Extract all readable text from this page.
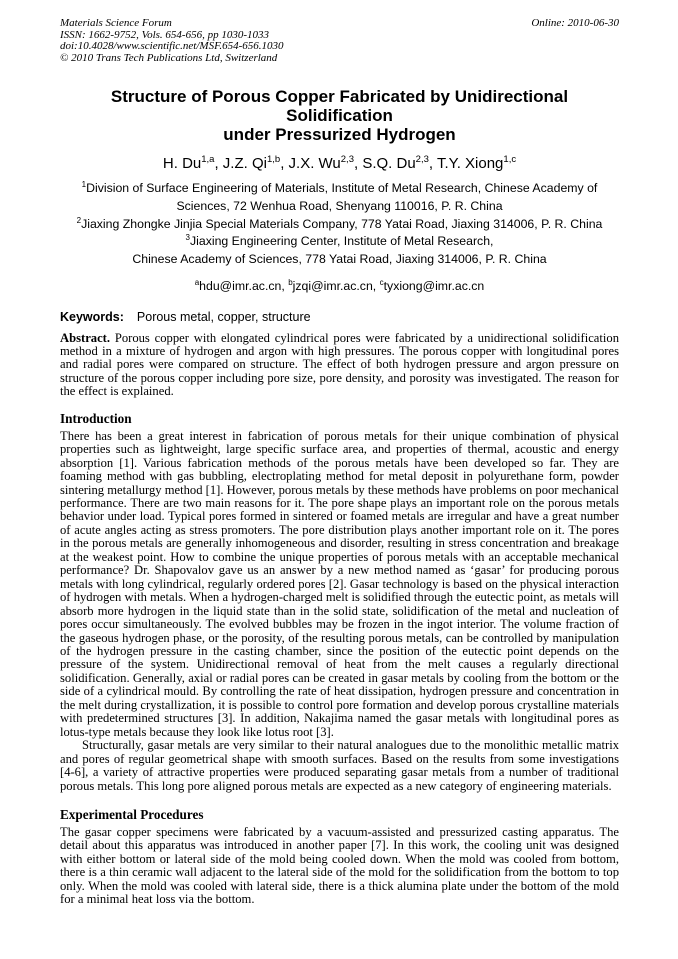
Materials Science Forum
ISSN: 1662-9752, Vols. 654-656, pp 1030-1033
doi:10.4028/www.scientific.net/MSF.654-656.1030
© 2010 Trans Tech Publications Ltd, Switzerland
Online: 2010-06-30
Structure of Porous Copper Fabricated by Unidirectional Solidification
under Pressurized Hydrogen
H. Du$^{1,a}$, J.Z. Qi$^{1,b}$, J.X. Wu$^{2,3}$, S.Q. Du$^{2,3}$, T.Y. Xiong$^{1,c}$
$^1$Division of Surface Engineering of Materials, Institute of Metal Research, Chinese Academy of
Sciences, 72 Wenhua Road, Shenyang 110016, P. R. China
$^2$Jiaxing Zhongke Jinjia Special Materials Company, 778 Yatai Road, Jiaxing 314006, P. R. China
$^3$Jiaxing Engineering Center, Institute of Metal Research,
Chinese Academy of Sciences, 778 Yatai Road, Jiaxing 314006, P. R. China
$^a$hdu@imr.ac.cn, $^b$jzqi@imr.ac.cn, $^c$tyxiong@imr.ac.cn
Keywords: Porous metal, copper, structure

Abstract. Porous copper with elongated cylindrical pores were fabricated by a unidirectional solidification method in a mixture of hydrogen and argon with high pressures. The porous copper with longitudinal pores and radial pores were compared on structure. The effect of both hydrogen pressure and argon pressure on structure of the porous copper including pore size, pore density, and porosity was investigated. The reason for the effect is explained.

Introduction

There has been a great interest in fabrication of porous metals for their unique combination of physical properties such as lightweight, large specific surface area, and properties of thermal, acoustic and energy absorption [1]. Various fabrication methods of the porous metals have been developed so far. They are foaming method with gas bubbling, electroplating method for metal deposit in polyurethane form, powder sintering metallurgy method [1]. However, porous metals by these methods have problems on poor mechanical performance. There are two main reasons for it. The pore shape plays an important role on the porous metals behavior under load. Typical pores formed in sintered or foamed metals are irregular and have a great number of acute angles acting as stress promoters. The pore distribution plays another important role on it. The pores in the porous metals are generally inhomogeneous and disorder, resulting in stress concentration and breakage at the weakest point. How to combine the unique properties of porous metals with an acceptable mechanical performance? Dr. Shapovalov gave us an answer by a new method named as ‘gasar’ for producing porous metals with long cylindrical, regularly ordered pores [2]. Gasar technology is based on the physical interaction of hydrogen with metals. When a hydrogen-charged melt is solidified through the eutectic point, as metals will absorb more hydrogen in the liquid state than in the solid state, solidification of the metal and nucleation of pores occur simultaneously. The evolved bubbles may be frozen in the ingot interior. The volume fraction of the gaseous hydrogen phase, or the porosity, of the resulting porous metals, can be controlled by manipulation of the hydrogen pressure in the casting chamber, since the position of the eutectic point depends on the pressure of the system. Unidirectional removal of heat from the melt causes a regularly directional solidification. Generally, axial or radial pores can be created in gasar metals by cooling from the bottom or the side of a cylindrical mould. By controlling the rate of heat dissipation, hydrogen pressure and concentration in the melt during crystallization, it is possible to control pore formation and develop porous crystalline materials with predetermined structures [3]. In addition, Nakajima named the gasar metals with longitudinal pores as lotus-type metals because they look like lotus root [3].

Structurally, gasar metals are very similar to their natural analogues due to the monolithic metallic matrix and pores of regular geometrical shape with smooth surfaces. Based on the results from some investigations [4-6], a variety of attractive properties were produced separating gasar metals from a number of traditional porous metals. This long pore aligned porous metals are expected as a new category of engineering materials.

Experimental Procedures

The gasar copper specimens were fabricated by a vacuum-assisted and pressurized casting apparatus. The detail about this apparatus was introduced in another paper [7]. In this work, the cooling unit was designed with either bottom or lateral side of the mold being cooled down. When the mold was cooled from bottom, there is a thin ceramic wall adjacent to the lateral side of the mold for the solidification from the bottom to top only. When the mold was cooled with lateral side, there is a thick alumina plate under the bottom of the mold for a minimal heat loss via the bottom.
